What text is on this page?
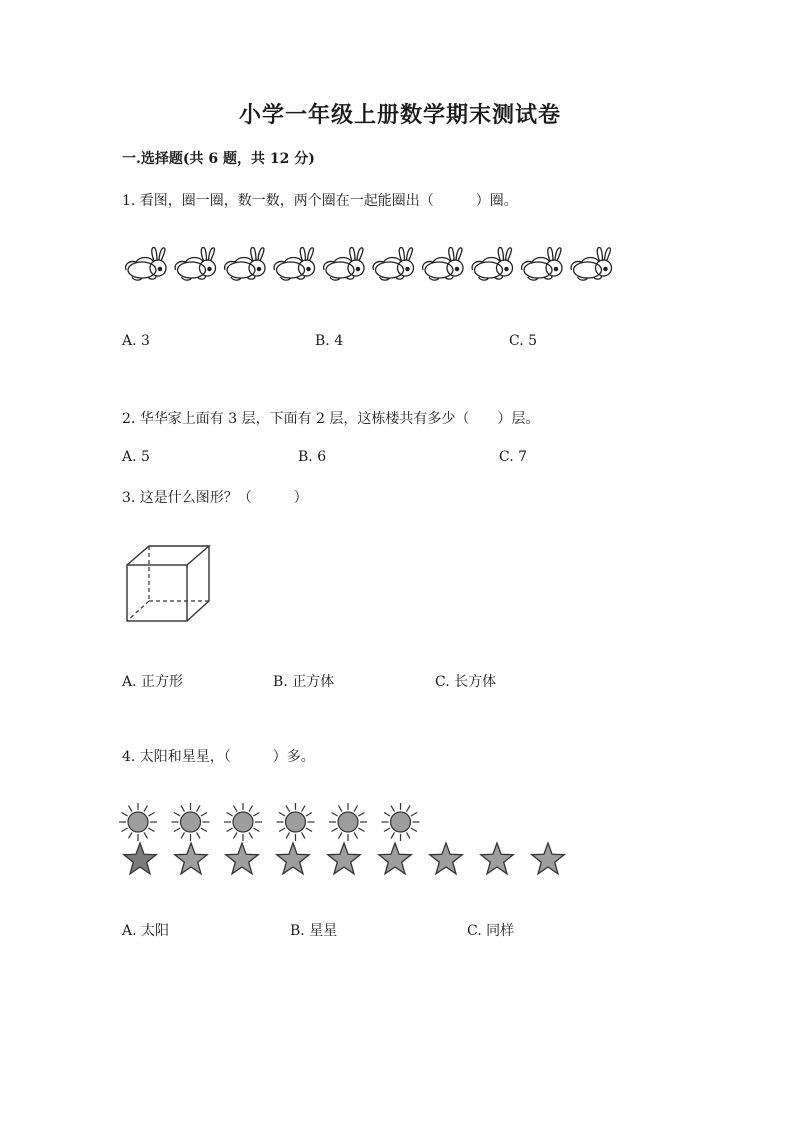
小学一年级上册数学期末测试卷
一.选择题(共 6 题，共 12 分)
1. 看图，圈一圈，数一数，两个圈在一起能圈出（　　　）圈。
A. 3	B. 4	C. 5
2. 华华家上面有 3 层，下面有 2 层，这栋楼共有多少（　　）层。
A. 5	B. 6	C. 7
3. 这是什么图形？（　　　）
A. 正方形	B. 正方体	C. 长方体
4. 太阳和星星，（　　　）多。
A. 太阳	B. 星星	C. 同样
